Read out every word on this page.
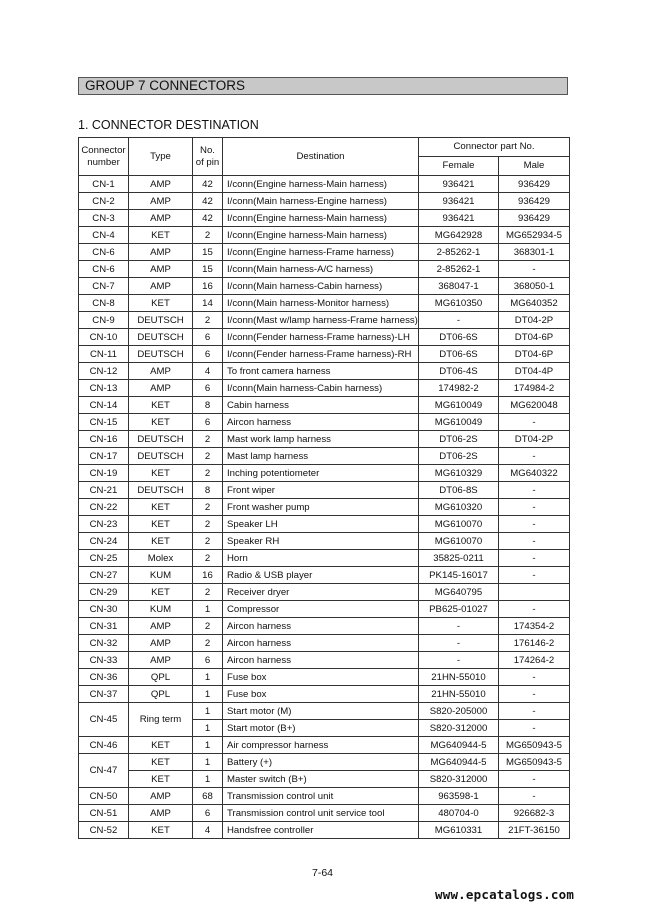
GROUP 7 CONNECTORS
1. CONNECTOR DESTINATION
Connector number	Type	No. of pin	Destination	Connector part No.	
				Female	Male
CN-1	AMP	42	I/conn(Engine harness-Main harness)	936421	936429
CN-2	AMP	42	I/conn(Main harness-Engine harness)	936421	936429
CN-3	AMP	42	I/conn(Engine harness-Main harness)	936421	936429
CN-4	KET	2	I/conn(Engine harness-Main harness)	MG642928	MG652934-5
CN-6	AMP	15	I/conn(Engine harness-Frame harness)	2-85262-1	368301-1
CN-6	AMP	15	I/conn(Main harness-A/C harness)	2-85262-1	-
CN-7	AMP	16	I/conn(Main harness-Cabin harness)	368047-1	368050-1
CN-8	KET	14	I/conn(Main harness-Monitor harness)	MG610350	MG640352
CN-9	DEUTSCH	2	I/conn(Mast w/lamp harness-Frame harness)	-	DT04-2P
CN-10	DEUTSCH	6	I/conn(Fender harness-Frame harness)-LH	DT06-6S	DT04-6P
CN-11	DEUTSCH	6	I/conn(Fender harness-Frame harness)-RH	DT06-6S	DT04-6P
CN-12	AMP	4	To front camera harness	DT06-4S	DT04-4P
CN-13	AMP	6	I/conn(Main harness-Cabin harness)	174982-2	174984-2
CN-14	KET	8	Cabin harness	MG610049	MG620048
CN-15	KET	6	Aircon harness	MG610049	-
CN-16	DEUTSCH	2	Mast work lamp harness	DT06-2S	DT04-2P
CN-17	DEUTSCH	2	Mast lamp harness	DT06-2S	-
CN-19	KET	2	Inching potentiometer	MG610329	MG640322
CN-21	DEUTSCH	8	Front wiper	DT06-8S	-
CN-22	KET	2	Front washer pump	MG610320	-
CN-23	KET	2	Speaker LH	MG610070	-
CN-24	KET	2	Speaker RH	MG610070	-
CN-25	Molex	2	Horn	35825-0211	-
CN-27	KUM	16	Radio & USB player	PK145-16017	-
CN-29	KET	2	Receiver dryer	MG640795	
CN-30	KUM	1	Compressor	PB625-01027	-
CN-31	AMP	2	Aircon harness	-	174354-2
CN-32	AMP	2	Aircon harness	-	176146-2
CN-33	AMP	6	Aircon harness	-	174264-2
CN-36	QPL	1	Fuse box	21HN-55010	-
CN-37	QPL	1	Fuse box	21HN-55010	-
CN-45	Ring term	1	Start motor (M)	S820-205000	-
		1	Start motor (B+)	S820-312000	-
CN-46	KET	1	Air compressor harness	MG640944-5	MG650943-5
CN-47	KET	1	Battery (+)	MG640944-5	MG650943-5
	KET	1	Master switch (B+)	S820-312000	-
CN-50	AMP	68	Transmission control unit	963598-1	-
CN-51	AMP	6	Transmission control unit service tool	480704-0	926682-3
CN-52	KET	4	Handsfree controller	MG610331	21FT-36150
7-64
www.epcatalogs.com
